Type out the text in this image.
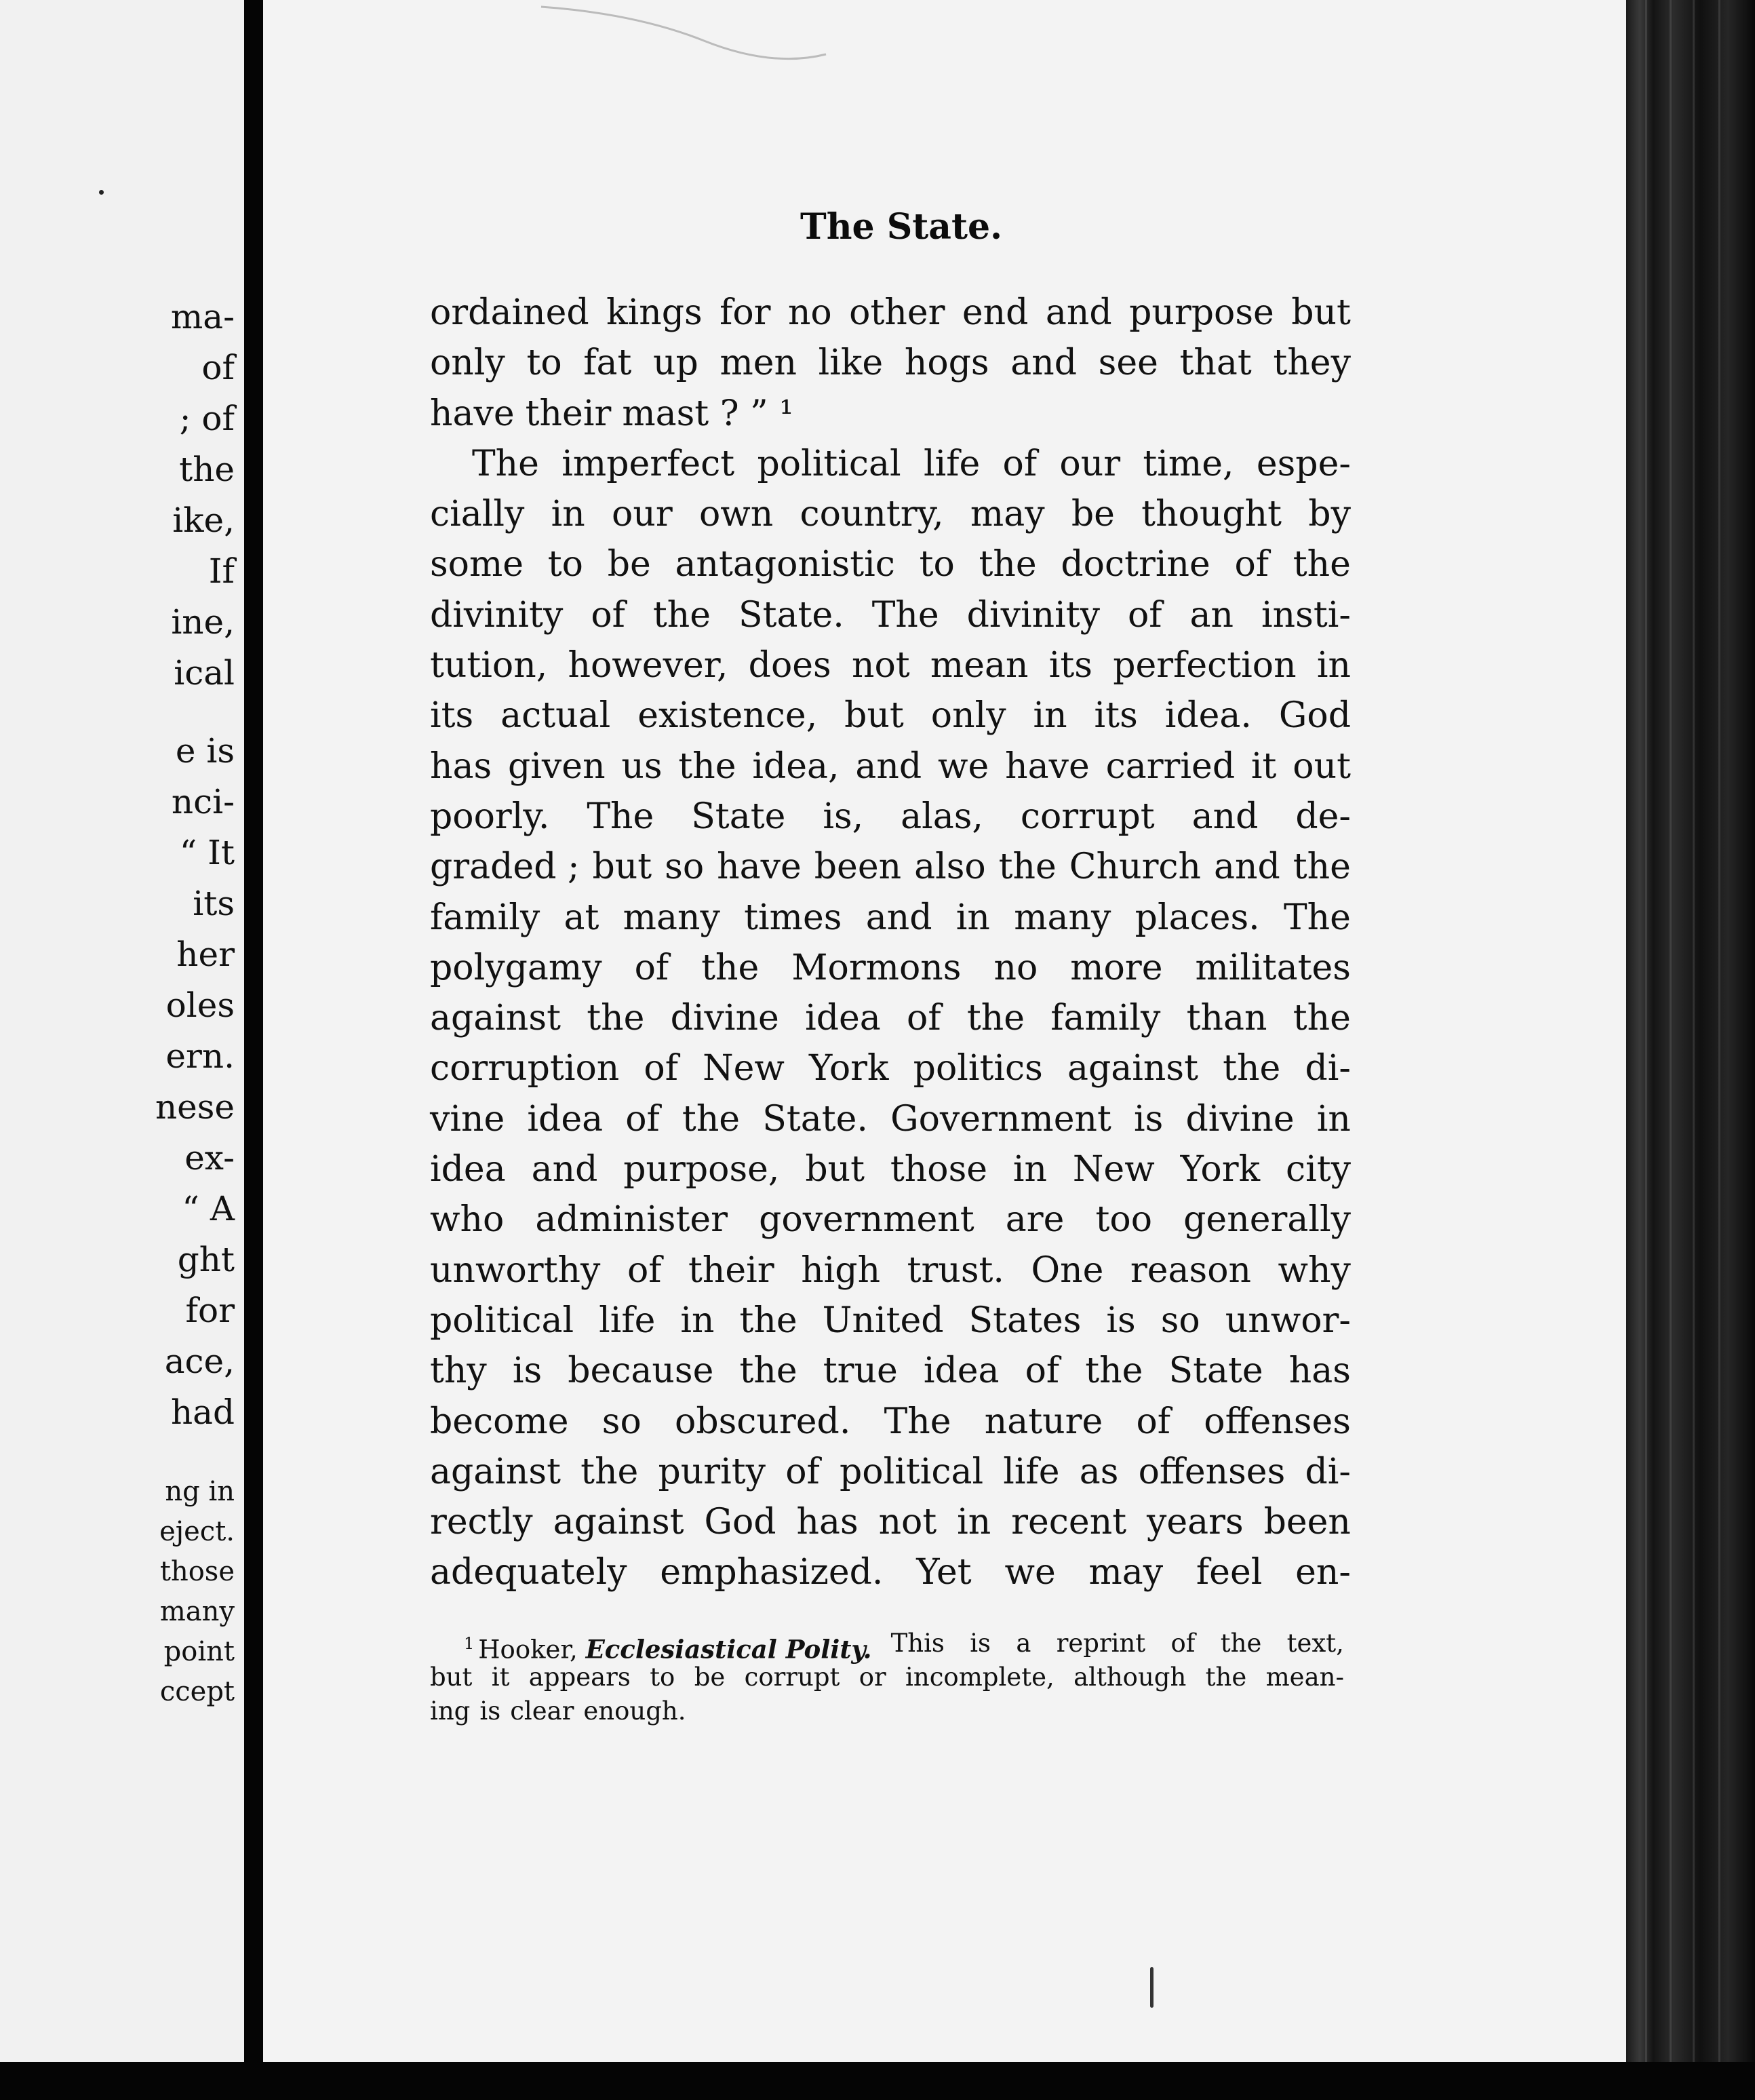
ma-
of
; of
the
ike,
If
ine,
ical
e is
nci-
“ It
its
her
oles
ern.
nese
ex-
“ A
ght
for
ace,
had
ng in
eject.
those
many
point
ccept
ordained kings for no other end and purpose but
only to fat up men like hogs and see that they
have their mast ? ” ¹
The imperfect political life of our time, espe-
cially in our own country, may be thought by
some to be antagonistic to the doctrine of the
divinity of the State. The divinity of an insti-
tution, however, does not mean its perfection in
its actual existence, but only in its idea. God
has given us the idea, and we have carried it out
poorly. The State is, alas, corrupt and de-
graded ; but so have been also the Church and the
family at many times and in many places. The
polygamy of the Mormons no more militates
against the divine idea of the family than the
corruption of New York politics against the di-
vine idea of the State. Government is divine in
idea and purpose, but those in New York city
who administer government are too generally
unworthy of their high trust. One reason why
political life in the United States is so unwor-
thy is because the true idea of the State has
become so obscured. The nature of offenses
against the purity of political life as offenses di-
rectly against God has not in recent years been
adequately emphasized. Yet we may feel en-
$^1$ Hooker, Ecclesiastical Polity. This is a reprint of the text,
but it appears to be corrupt or incomplete, although the mean-
ing is clear enough.
The State.
